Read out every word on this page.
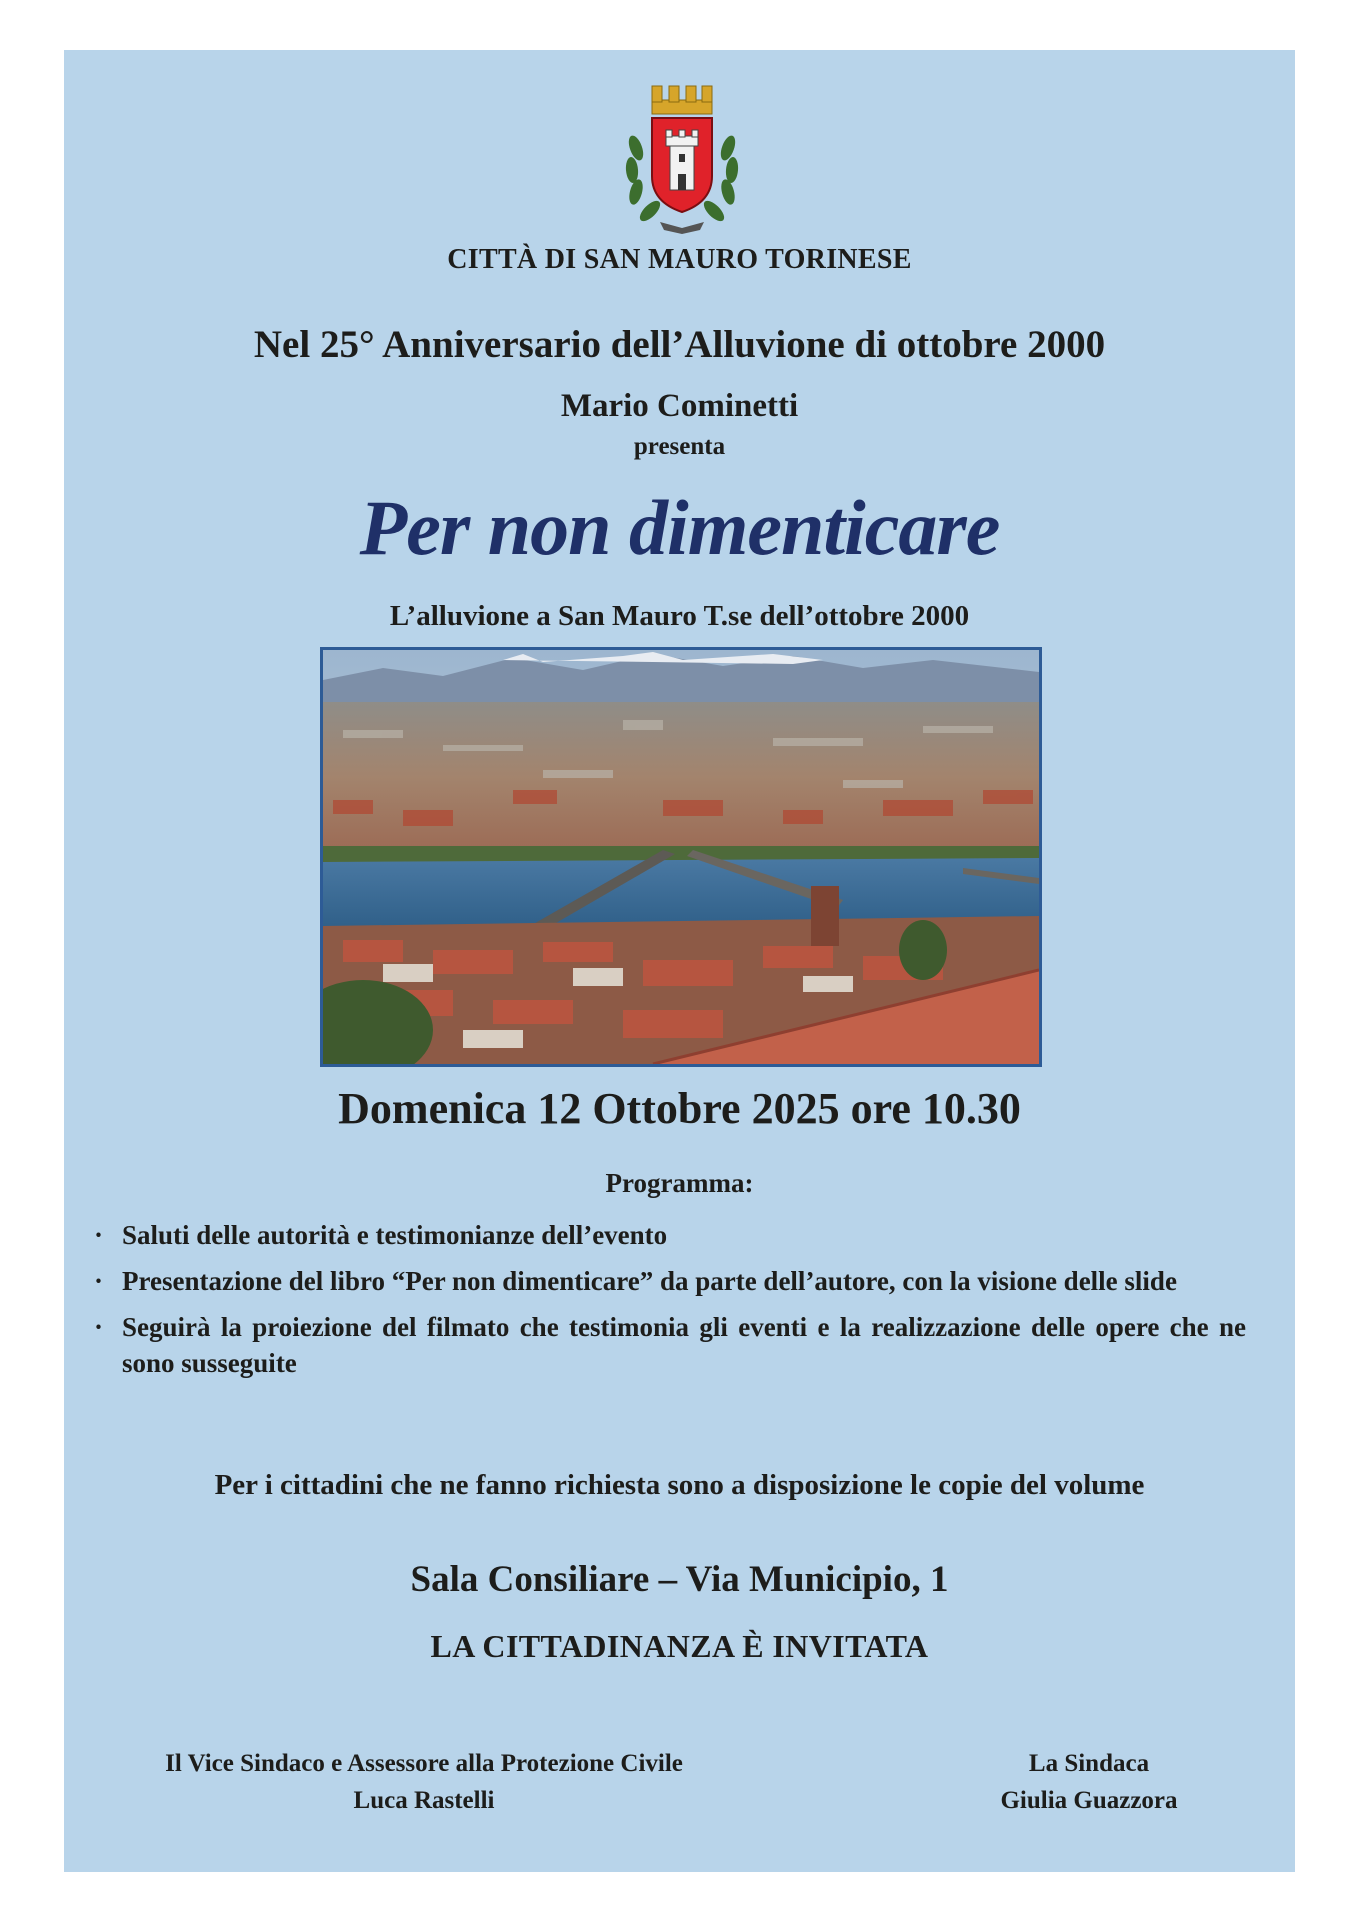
CITTÀ DI SAN MAURO TORINESE
Nel 25° Anniversario dell’Alluvione di ottobre 2000
Mario Cominetti
presenta
Per non dimenticare
L’alluvione a San Mauro T.se dell’ottobre 2000
Domenica 12 Ottobre 2025 ore 10.30
Programma:
· Saluti delle autorità e testimonianze dell’evento
· Presentazione del libro “Per non dimenticare” da parte dell’autore, con la visione delle slide
· Seguirà la proiezione del filmato che testimonia gli eventi e la realizzazione delle opere che ne sono susseguite
Per i cittadini che ne fanno richiesta sono a disposizione le copie del volume
Sala Consiliare – Via Municipio, 1
LA CITTADINANZA È INVITATA
Il Vice Sindaco e Assessore alla Protezione Civile
Luca Rastelli
La Sindaca
Giulia Guazzora
